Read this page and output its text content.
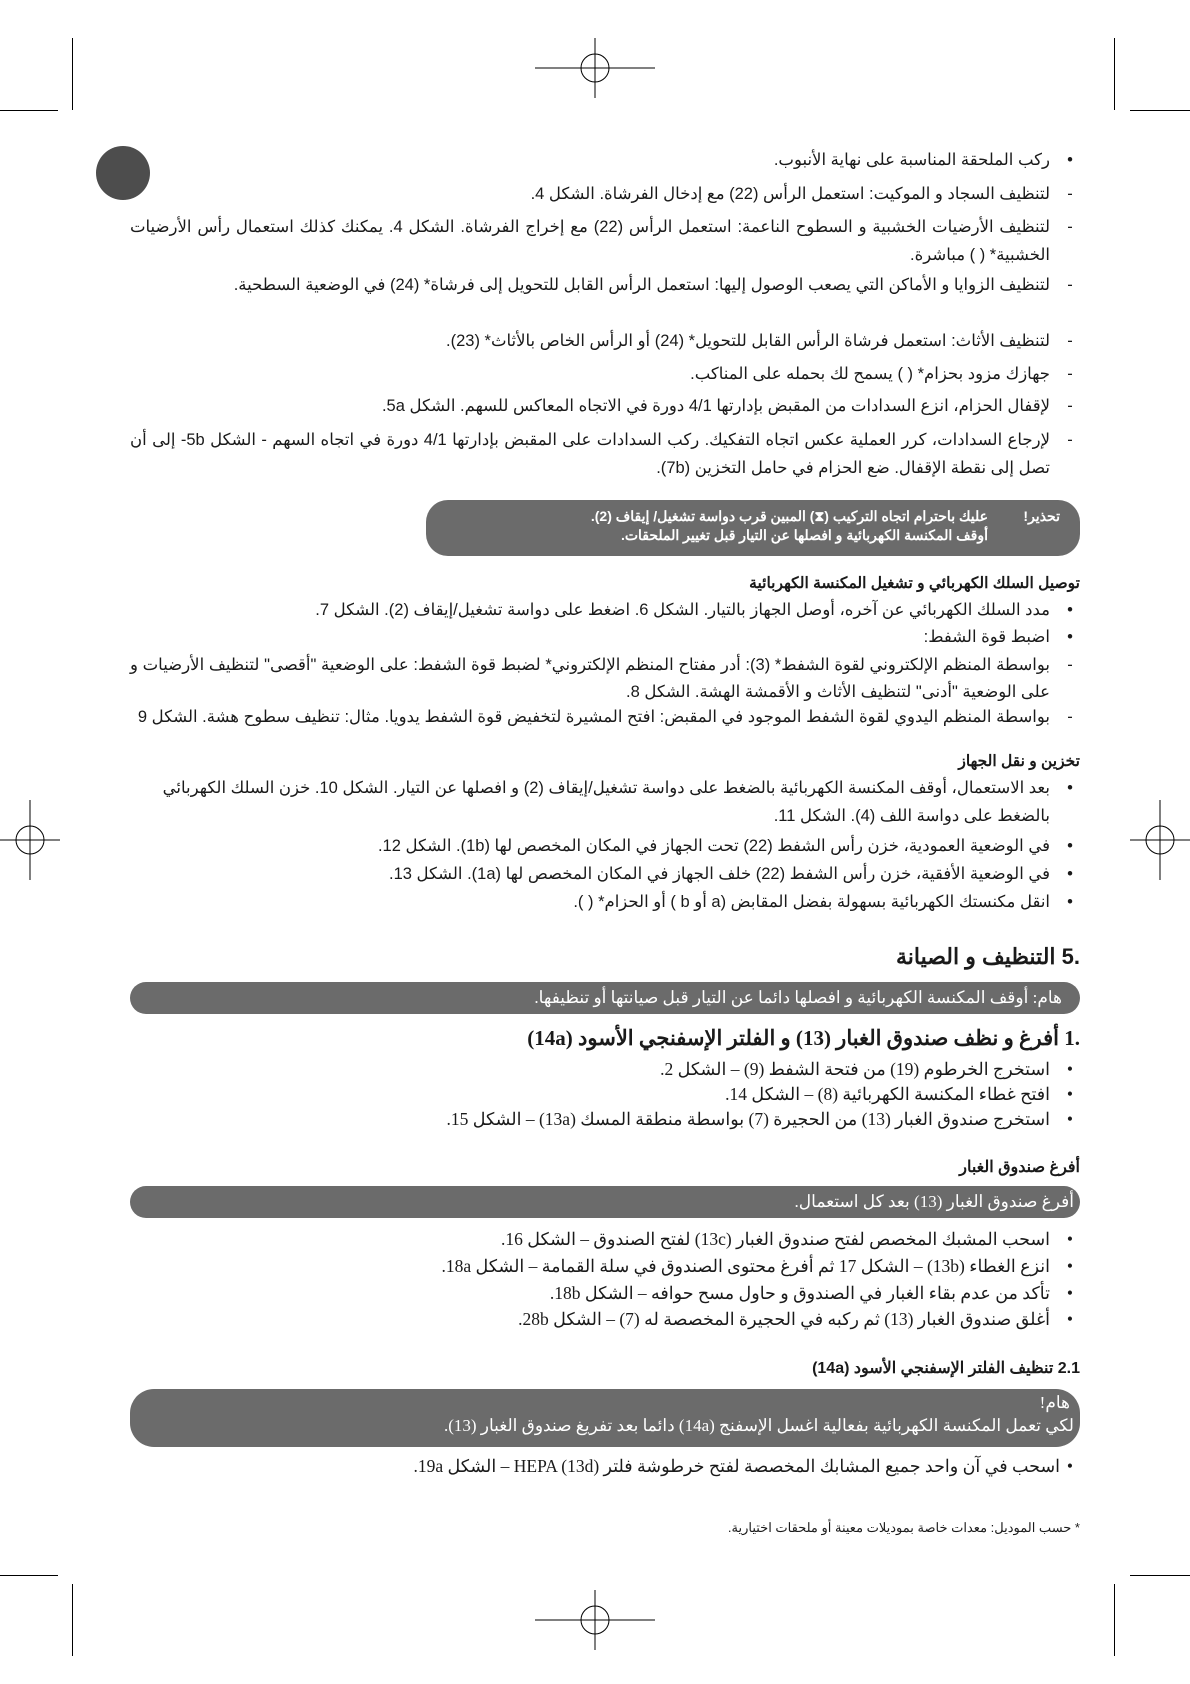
•
ركب الملحقة المناسبة على نهاية الأنبوب.
-
لتنظيف السجاد و الموكيت: استعمل الرأس (22) مع إدخال الفرشاة. الشكل 4.
-
لتنظيف الأرضيات الخشبية و السطوح الناعمة: استعمل الرأس (22) مع إخراج الفرشاة. الشكل 4. يمكنك كذلك استعمال رأس الأرضيات الخشبية* ( ) مباشرة.
-
لتنظيف الزوايا و الأماكن التي يصعب الوصول إليها: استعمل الرأس القابل للتحويل إلى فرشاة* (24) في الوضعية السطحية.
-
لتنظيف الأثاث: استعمل فرشاة الرأس القابل للتحويل* (24) أو الرأس الخاص بالأثاث* (23).
-
جهازك مزود بحزام* ( ) يسمح لك بحمله على المناكب.
-
لإقفال الحزام، انزع السدادات من المقبض بإدارتها 4/1 دورة في الاتجاه المعاكس للسهم. الشكل 5a.
-
لإرجاع السدادات، كرر العملية عكس اتجاه التفكيك. ركب السدادات على المقبض بإدارتها 4/1 دورة في اتجاه السهم - الشكل 5b- إلى أن تصل إلى نقطة الإقفال. ضع الحزام في حامل التخزين (7b).
تحذير!
عليك باحترام اتجاه التركيب (⧗) المبين قرب دواسة تشغيل/ إيقاف (2).
أوقف المكنسة الكهربائية و افصلها عن التيار قبل تغيير الملحقات.
توصيل السلك الكهربائي و تشغيل المكنسة الكهربائية
•
مدد السلك الكهربائي عن آخره، أوصل الجهاز بالتيار. الشكل 6. اضغط على دواسة تشغيل/إيقاف (2). الشكل 7.
•
اضبط قوة الشفط:
-
بواسطة المنظم الإلكتروني لقوة الشفط* (3): أدر مفتاح المنظم الإلكتروني* لضبط قوة الشفط: على الوضعية "أقصى" لتنظيف الأرضيات و على الوضعية "أدنى" لتنظيف الأثاث و الأقمشة الهشة. الشكل 8.
-
بواسطة المنظم اليدوي لقوة الشفط الموجود في المقبض: افتح المشيرة لتخفيض قوة الشفط يدويا. مثال: تنظيف سطوح هشة. الشكل 9
تخزين و نقل الجهاز
•
بعد الاستعمال، أوقف المكنسة الكهربائية بالضغط على دواسة تشغيل/إيقاف (2) و افصلها عن التيار. الشكل 10. خزن السلك الكهربائي بالضغط على دواسة اللف (4). الشكل 11.
•
في الوضعية العمودية، خزن رأس الشفط (22) تحت الجهاز في المكان المخصص لها (1b). الشكل 12.
•
في الوضعية الأفقية، خزن رأس الشفط (22) خلف الجهاز في المكان المخصص لها (1a). الشكل 13.
•
انقل مكنستك الكهربائية بسهولة بفضل المقابض (a أو b ) أو الحزام* ( ).
.5 التنظيف و الصيانة
هام: أوقف المكنسة الكهربائية و افصلها دائما عن التيار قبل صيانتها أو تنظيفها.
.1 أفرغ و نظف صندوق الغبار (13) و الفلتر الإسفنجي الأسود (14a)
•
استخرج الخرطوم (19) من فتحة الشفط (9) – الشكل 2.
•
افتح غطاء المكنسة الكهربائية (8) – الشكل 14.
•
استخرج صندوق الغبار (13) من الحجيرة (7) بواسطة منطقة المسك (13a) – الشكل 15.
أفرغ صندوق الغبار
أفرغ صندوق الغبار (13) بعد كل استعمال.
•
اسحب المشبك المخصص لفتح صندوق الغبار (13c) لفتح الصندوق – الشكل 16.
•
انزع الغطاء (13b) – الشكل 17 ثم أفرغ محتوى الصندوق في سلة القمامة – الشكل 18a.
•
تأكد من عدم بقاء الغبار في الصندوق و حاول مسح حوافه – الشكل 18b.
•
أغلق صندوق الغبار (13) ثم ركبه في الحجيرة المخصصة له (7) – الشكل 28b.
2.1 تنظيف الفلتر الإسفنجي الأسود (14a)
هام!
لكي تعمل المكنسة الكهربائية بفعالية اغسل الإسفنج (14a) دائما بعد تفريغ صندوق الغبار (13).
•
اسحب في آن واحد جميع المشابك المخصصة لفتح خرطوشة فلتر HEPA (13d) – الشكل 19a.
* حسب الموديل: معدات خاصة بموديلات معينة أو ملحقات اختيارية.
